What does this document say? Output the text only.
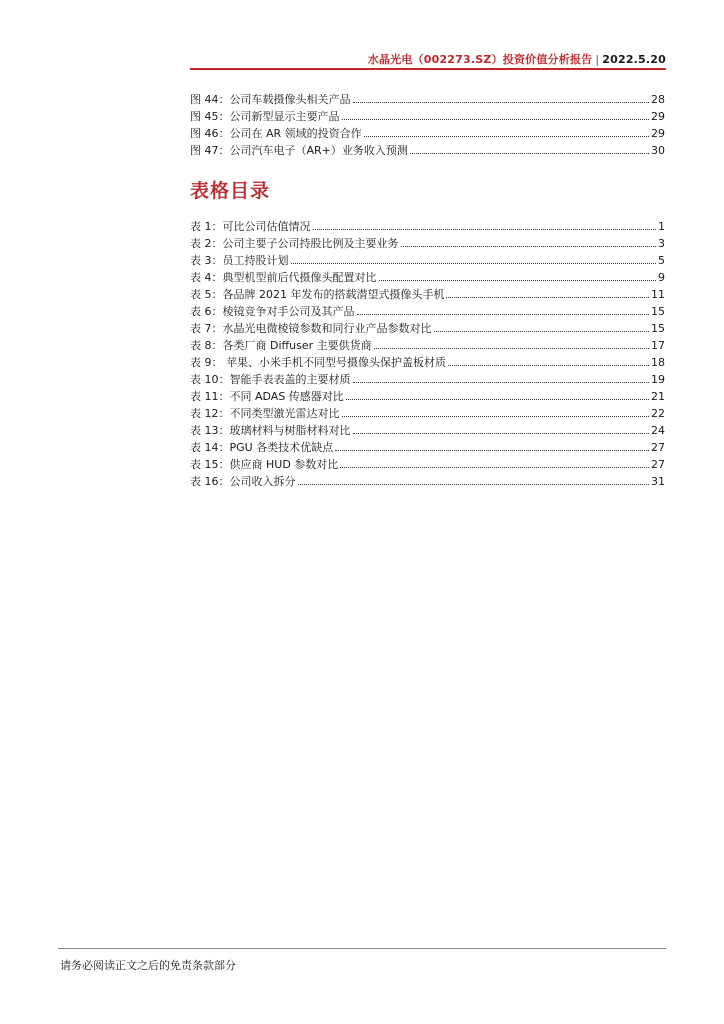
水晶光电（002273.SZ）投资价值分析报告 | 2022.5.20
图 44：公司车载摄像头相关产品	28
图 45：公司新型显示主要产品	29
图 46：公司在 AR 领域的投资合作	29
图 47：公司汽车电子（AR+）业务收入预测	30
表格目录
表 1：可比公司估值情况	1
表 2：公司主要子公司持股比例及主要业务	3
表 3：员工持股计划	5
表 4：典型机型前后代摄像头配置对比	9
表 5：各品牌 2021 年发布的搭载潜望式摄像头手机	11
表 6：棱镜竞争对手公司及其产品	15
表 7：水晶光电微棱镜参数和同行业产品参数对比	15
表 8：各类厂商 Diffuser 主要供货商	17
表 9： 苹果、小米手机不同型号摄像头保护盖板材质	18
表 10：智能手表表盖的主要材质	19
表 11：不同 ADAS 传感器对比	21
表 12：不同类型激光雷达对比	22
表 13：玻璃材料与树脂材料对比	24
表 14：PGU 各类技术优缺点	27
表 15：供应商 HUD 参数对比	27
表 16：公司收入拆分	31
请务必阅读正文之后的免责条款部分
